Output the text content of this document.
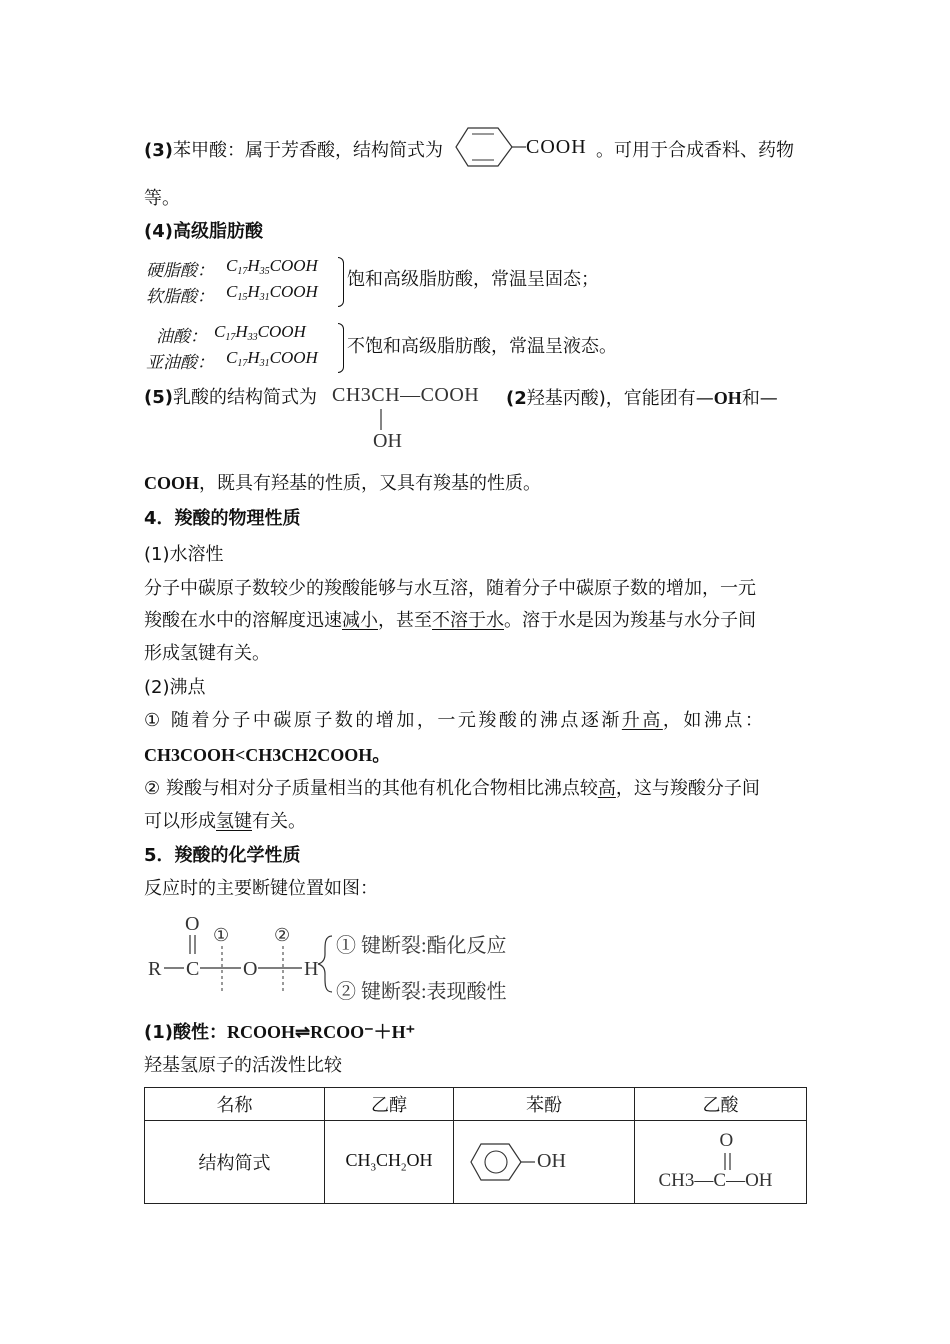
(3)苯甲酸：属于芳香酸，结构简式为	COOH 。可用于合成香料、药物
等。
(4)高级脂肪酸
硬脂酸： $C_{17}H_{35}COOH$
软脂酸： $C_{15}H_{31}COOH$
饱和高级脂肪酸，常温呈固态；
油酸： $C_{17}H_{33}COOH$
亚油酸： $C_{17}H_{31}COOH$
不饱和高级脂肪酸，常温呈液态。
(5)乳酸的结构简式为 CH3CH—COOH
OH
(2羟基丙酸)，官能团有—OH和—
COOH，既具有羟基的性质，又具有羧基的性质。
4．羧酸的物理性质
(1)水溶性
分子中碳原子数较少的羧酸能够与水互溶，随着分子中碳原子数的增加，一元
羧酸在水中的溶解度迅速减小，甚至不溶于水。溶于水是因为羧基与水分子间
形成氢键有关。
(2)沸点
① 随着分子中碳原子数的增加，一元羧酸的沸点逐渐升高，如沸点：
CH3COOH<CH3CH2COOH。
② 羧酸与相对分子质量相当的其他有机化合物相比沸点较高，这与羧酸分子间
可以形成氢键有关。
5．羧酸的化学性质
反应时的主要断键位置如图：
R C
O
O H
① ② ① 键断裂:酯化反应
② 键断裂:表现酸性
(1)酸性：RCOOH⇌RCOO⁻＋H⁺
羟基氢原子的活泼性比较
名称	乙醇	苯酚	乙酸
结构简式	$CH_3CH_2OH$	OH	O
CH3—C—OH
